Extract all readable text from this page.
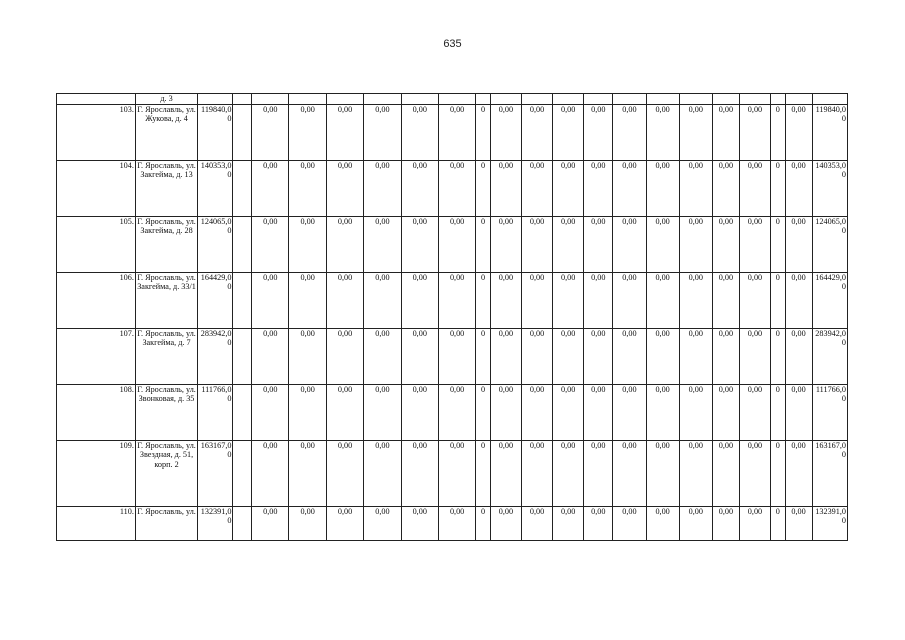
635
	д. 3																					
103.	Г. Ярославль, ул. Жукова, д. 4	119840,00		0,00	0,00	0,00	0,00	0,00	0,00	0	0,00	0,00	0,00	0,00	0,00	0,00	0,00	0,00	0,00	0	0,00	119840,00
104.	Г. Ярославль, ул. Закгейма, д. 13	140353,00		0,00	0,00	0,00	0,00	0,00	0,00	0	0,00	0,00	0,00	0,00	0,00	0,00	0,00	0,00	0,00	0	0,00	140353,00
105.	Г. Ярославль, ул. Закгейма, д. 28	124065,00		0,00	0,00	0,00	0,00	0,00	0,00	0	0,00	0,00	0,00	0,00	0,00	0,00	0,00	0,00	0,00	0	0,00	124065,00
106.	Г. Ярославль, ул. Закгейма, д. 33/1	164429,00		0,00	0,00	0,00	0,00	0,00	0,00	0	0,00	0,00	0,00	0,00	0,00	0,00	0,00	0,00	0,00	0	0,00	164429,00
107.	Г. Ярославль, ул. Закгейма, д. 7	283942,00		0,00	0,00	0,00	0,00	0,00	0,00	0	0,00	0,00	0,00	0,00	0,00	0,00	0,00	0,00	0,00	0	0,00	283942,00
108.	Г. Ярославль, ул. Звонковая, д. 35	111766,00		0,00	0,00	0,00	0,00	0,00	0,00	0	0,00	0,00	0,00	0,00	0,00	0,00	0,00	0,00	0,00	0	0,00	111766,00
109.	Г. Ярославль, ул. Звездная, д. 51, корп. 2	163167,00		0,00	0,00	0,00	0,00	0,00	0,00	0	0,00	0,00	0,00	0,00	0,00	0,00	0,00	0,00	0,00	0	0,00	163167,00
110.	Г. Ярославль, ул.	132391,00		0,00	0,00	0,00	0,00	0,00	0,00	0	0,00	0,00	0,00	0,00	0,00	0,00	0,00	0,00	0,00	0	0,00	132391,00
